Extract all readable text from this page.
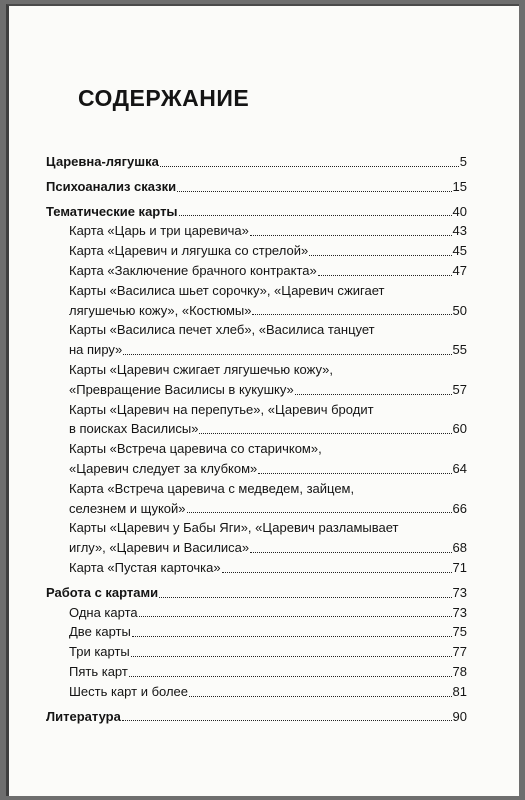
СОДЕРЖАНИЕ
Царевна-лягушка	5
Психоанализ сказки	15
Тематические карты	40
Карта «Царь и три царевича»	43
Карта «Царевич и лягушка со стрелой»	45
Карта «Заключение брачного контракта»	47
Карты «Василиса шьет сорочку», «Царевич сжигает
лягушечью кожу», «Костюмы»	50
Карты «Василиса печет хлеб», «Василиса танцует
на пиру»	55
Карты «Царевич сжигает лягушечью кожу»,
«Превращение Василисы в кукушку»	57
Карты «Царевич на перепутье», «Царевич бродит
в поисках Василисы»	60
Карты «Встреча царевича со старичком»,
«Царевич следует за клубком»	64
Карта «Встреча царевича с медведем, зайцем,
селезнем и щукой»	66
Карты «Царевич у Бабы Яги», «Царевич разламывает
иглу», «Царевич и Василиса»	68
Карта «Пустая карточка»	71
Работа с картами	73
Одна карта	73
Две карты	75
Три карты	77
Пять карт	78
Шесть карт и более	81
Литература	90
